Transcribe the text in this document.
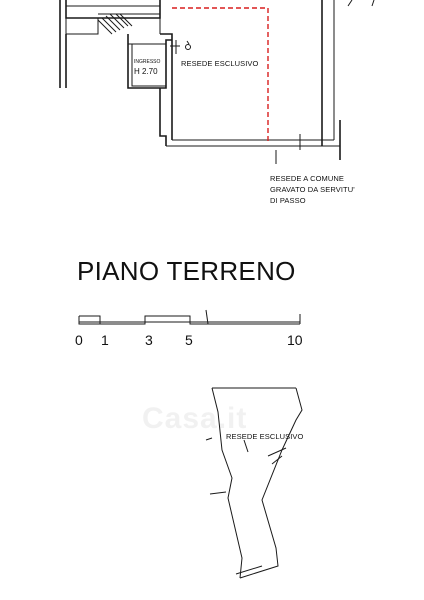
Casa.it
INGRESSO
H 2.70
RESEDE ESCLUSIVO
RESEDE A COMUNE
GRAVATO DA SERVITU'
DI PASSO
PIANO TERRENO
0 1	3 5	10
RESEDE ESCLUSIVO
